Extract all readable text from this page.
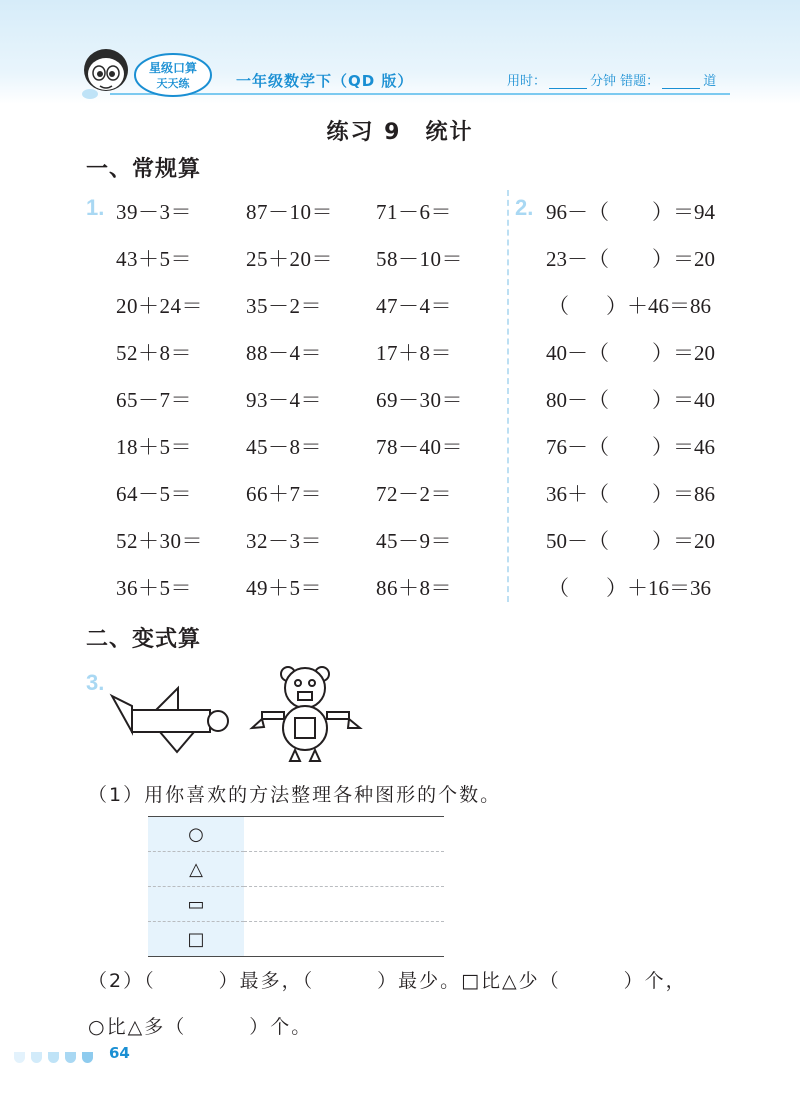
星级口算
天天练	一年级数学下（QD 版）	用时：	分钟 错题：	道
练习 9　统计
一、常规算
1. 39－3＝	87－10＝ 71－6＝
43＋5＝	25＋20＝ 58－10＝
20＋24＝ 35－2＝	47－4＝
52＋8＝	88－4＝	17＋8＝
65－7＝	93－4＝	69－30＝
18＋5＝	45－8＝	78－40＝
64－5＝	66＋7＝	72－2＝
52＋30＝ 32－3＝	45－9＝
36＋5＝	49＋5＝	86＋8＝
2. 96－（ ）＝94
23－（ ）＝20
（ ）＋46＝86
40－（ ）＝20
80－（ ）＝40
76－（ ）＝46
36＋（ ）＝86
50－（ ）＝20
（ ）＋16＝36
二、变式算
3.
（1）用你喜欢的方法整理各种图形的个数。
○	
△	
▭	
□	
（2）（　　　）最多，（　　　）最少。□比△少（　　　）个，
○比△多（　　　）个。
64
